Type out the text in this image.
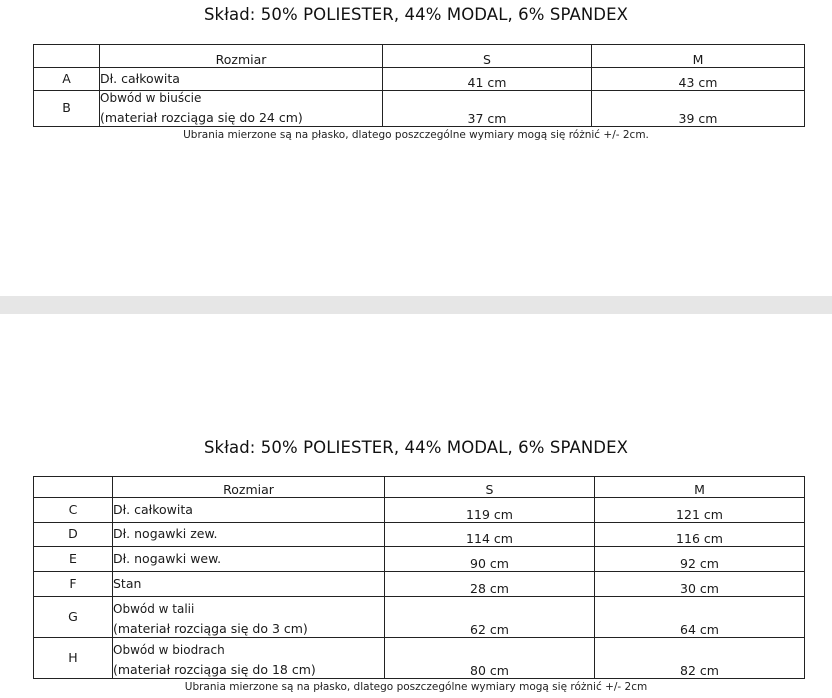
Skład: 50% POLIESTER, 44% MODAL, 6% SPANDEX
	Rozmiar	S	M
A	Dł. całkowita	41 cm	43 cm
B	Obwód w biuście
(materiał rozciąga się do 24 cm)	37 cm	39 cm
Ubrania mierzone są na płasko, dlatego poszczególne wymiary mogą się różnić +/- 2cm.
Skład: 50% POLIESTER, 44% MODAL, 6% SPANDEX
	Rozmiar	S	M
C	Dł. całkowita	119 cm	121 cm
D	Dł. nogawki zew.	114 cm	116 cm
E	Dł. nogawki wew.	90 cm	92 cm
F	Stan	28 cm	30 cm
G	Obwód w talii
(materiał rozciąga się do 3 cm)	62 cm	64 cm
H	Obwód w biodrach
(materiał rozciąga się do 18 cm)	80 cm	82 cm
Ubrania mierzone są na płasko, dlatego poszczególne wymiary mogą się różnić +/- 2cm
